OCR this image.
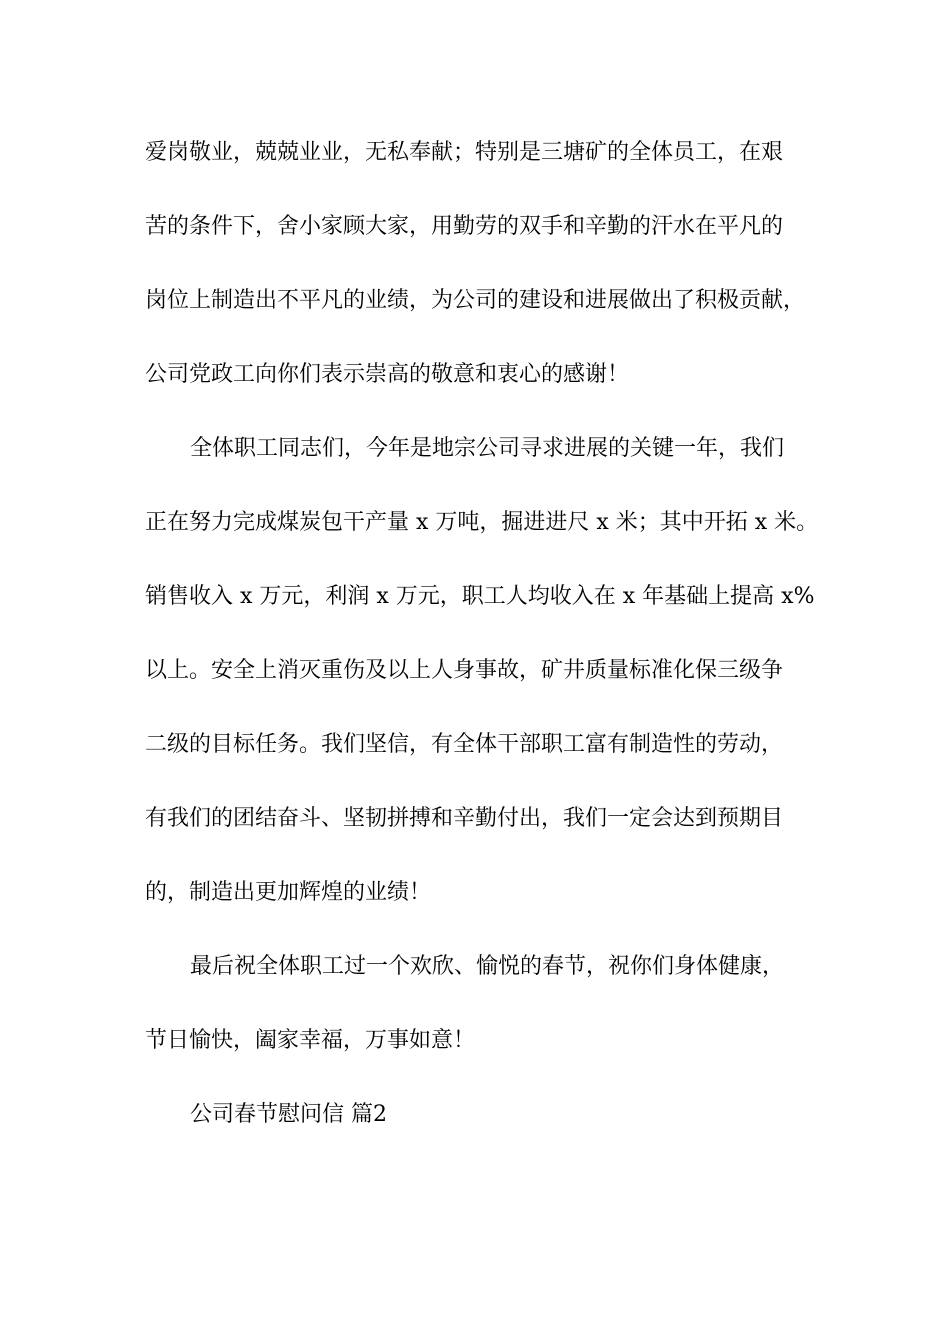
爱岗敬业，兢兢业业，无私奉献；特别是三塘矿的全体员工，在艰
苦的条件下，舍小家顾大家，用勤劳的双手和辛勤的汗水在平凡的
岗位上制造出不平凡的业绩，为公司的建设和进展做出了积极贡献，
公司党政工向你们表示崇高的敬意和衷心的感谢！
全体职工同志们，今年是地宗公司寻求进展的关键一年，我们
正在努力完成煤炭包干产量 x 万吨，掘进进尺 x 米；其中开拓 x 米。
销售收入 x 万元，利润 x 万元，职工人均收入在 x 年基础上提高 x%
以上。安全上消灭重伤及以上人身事故，矿井质量标准化保三级争
二级的目标任务。我们坚信，有全体干部职工富有制造性的劳动，
有我们的团结奋斗、坚韧拼搏和辛勤付出，我们一定会达到预期目
的，制造出更加辉煌的业绩！
最后祝全体职工过一个欢欣、愉悦的春节，祝你们身体健康，
节日愉快，阖家幸福，万事如意！
公司春节慰问信 篇2
